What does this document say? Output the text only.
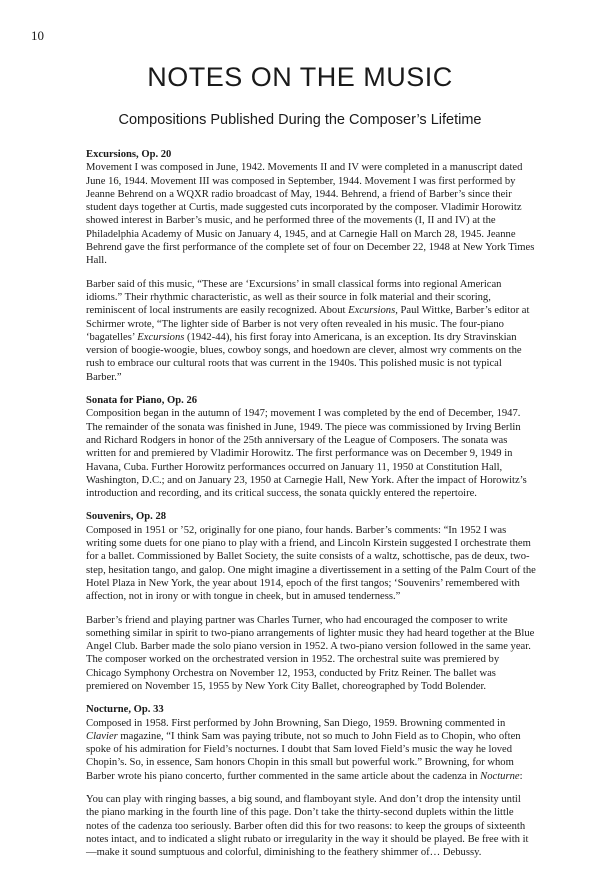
10
NOTES ON THE MUSIC
Compositions Published During the Composer’s Lifetime
Excursions, Op. 20

Movement I was composed in June, 1942. Movements II and IV were completed in a manuscript dated June 16, 1944. Movement III was composed in September, 1944. Movement I was first performed by Jeanne Behrend on a WQXR radio broadcast of May, 1944. Behrend, a friend of Barber’s since their student days together at Curtis, made suggested cuts incorporated by the composer. Vladimir Horowitz showed interest in Barber’s music, and he performed three of the movements (I, II and IV) at the Philadelphia Academy of Music on January 4, 1945, and at Carnegie Hall on March 28, 1945. Jeanne Behrend gave the first performance of the complete set of four on December 22, 1948 at New York Times Hall.

Barber said of this music, “These are ‘Excursions’ in small classical forms into regional American idioms.” Their rhythmic characteristic, as well as their source in folk material and their scoring, reminiscent of local instruments are easily recognized. About Excursions, Paul Wittke, Barber’s editor at Schirmer wrote, “The lighter side of Barber is not very often revealed in his music. The four-piano ‘bagatelles’ Excursions (1942-44), his first foray into Americana, is an exception. Its dry Stravinskian version of boogie-woogie, blues, cowboy songs, and hoedown are clever, almost wry comments on the rush to embrace our cultural roots that was current in the 1940s. This polished music is not typical Barber.”

Sonata for Piano, Op. 26

Composition began in the autumn of 1947; movement I was completed by the end of December, 1947. The remainder of the sonata was finished in June, 1949. The piece was commissioned by Irving Berlin and Richard Rodgers in honor of the 25th anniversary of the League of Composers. The sonata was written for and premiered by Vladimir Horowitz. The first performance was on December 9, 1949 in Havana, Cuba. Further Horowitz performances occurred on January 11, 1950 at Constitution Hall, Washington, D.C.; and on January 23, 1950 at Carnegie Hall, New York. After the impact of Horowitz’s introduction and recording, and its critical success, the sonata quickly entered the repertoire.

Souvenirs, Op. 28

Composed in 1951 or ’52, originally for one piano, four hands. Barber’s comments: “In 1952 I was writing some duets for one piano to play with a friend, and Lincoln Kirstein suggested I orchestrate them for a ballet. Commissioned by Ballet Society, the suite consists of a waltz, schottische, pas de deux, two-step, hesitation tango, and galop. One might imagine a divertissement in a setting of the Palm Court of the Hotel Plaza in New York, the year about 1914, epoch of the first tangos; ‘Souvenirs’ remembered with affection, not in irony or with tongue in cheek, but in amused tenderness.”

Barber’s friend and playing partner was Charles Turner, who had encouraged the composer to write something similar in spirit to two-piano arrangements of lighter music they had heard together at the Blue Angel Club. Barber made the solo piano version in 1952. A two-piano version followed in the same year. The composer worked on the orchestrated version in 1952. The orchestral suite was premiered by Chicago Symphony Orchestra on November 12, 1953, conducted by Fritz Reiner. The ballet was premiered on November 15, 1955 by New York City Ballet, choreographed by Todd Bolender.

Nocturne, Op. 33

Composed in 1958. First performed by John Browning, San Diego, 1959. Browning commented in Clavier magazine, “I think Sam was paying tribute, not so much to John Field as to Chopin, who often spoke of his admiration for Field’s nocturnes. I doubt that Sam loved Field’s music the way he loved Chopin’s. So, in essence, Sam honors Chopin in this small but powerful work.” Browning, for whom Barber wrote his piano concerto, further commented in the same article about the cadenza in Nocturne:

You can play with ringing basses, a big sound, and flamboyant style. And don’t drop the intensity until the piano marking in the fourth line of this page. Don’t take the thirty-second duplets within the little notes of the cadenza too seriously. Barber often did this for two reasons: to keep the groups of sixteenth notes intact, and to indicated a slight rubato or irregularity in the way it should be played. Be free with it—make it sound sumptuous and colorful, diminishing to the feathery shimmer of… Debussy.
